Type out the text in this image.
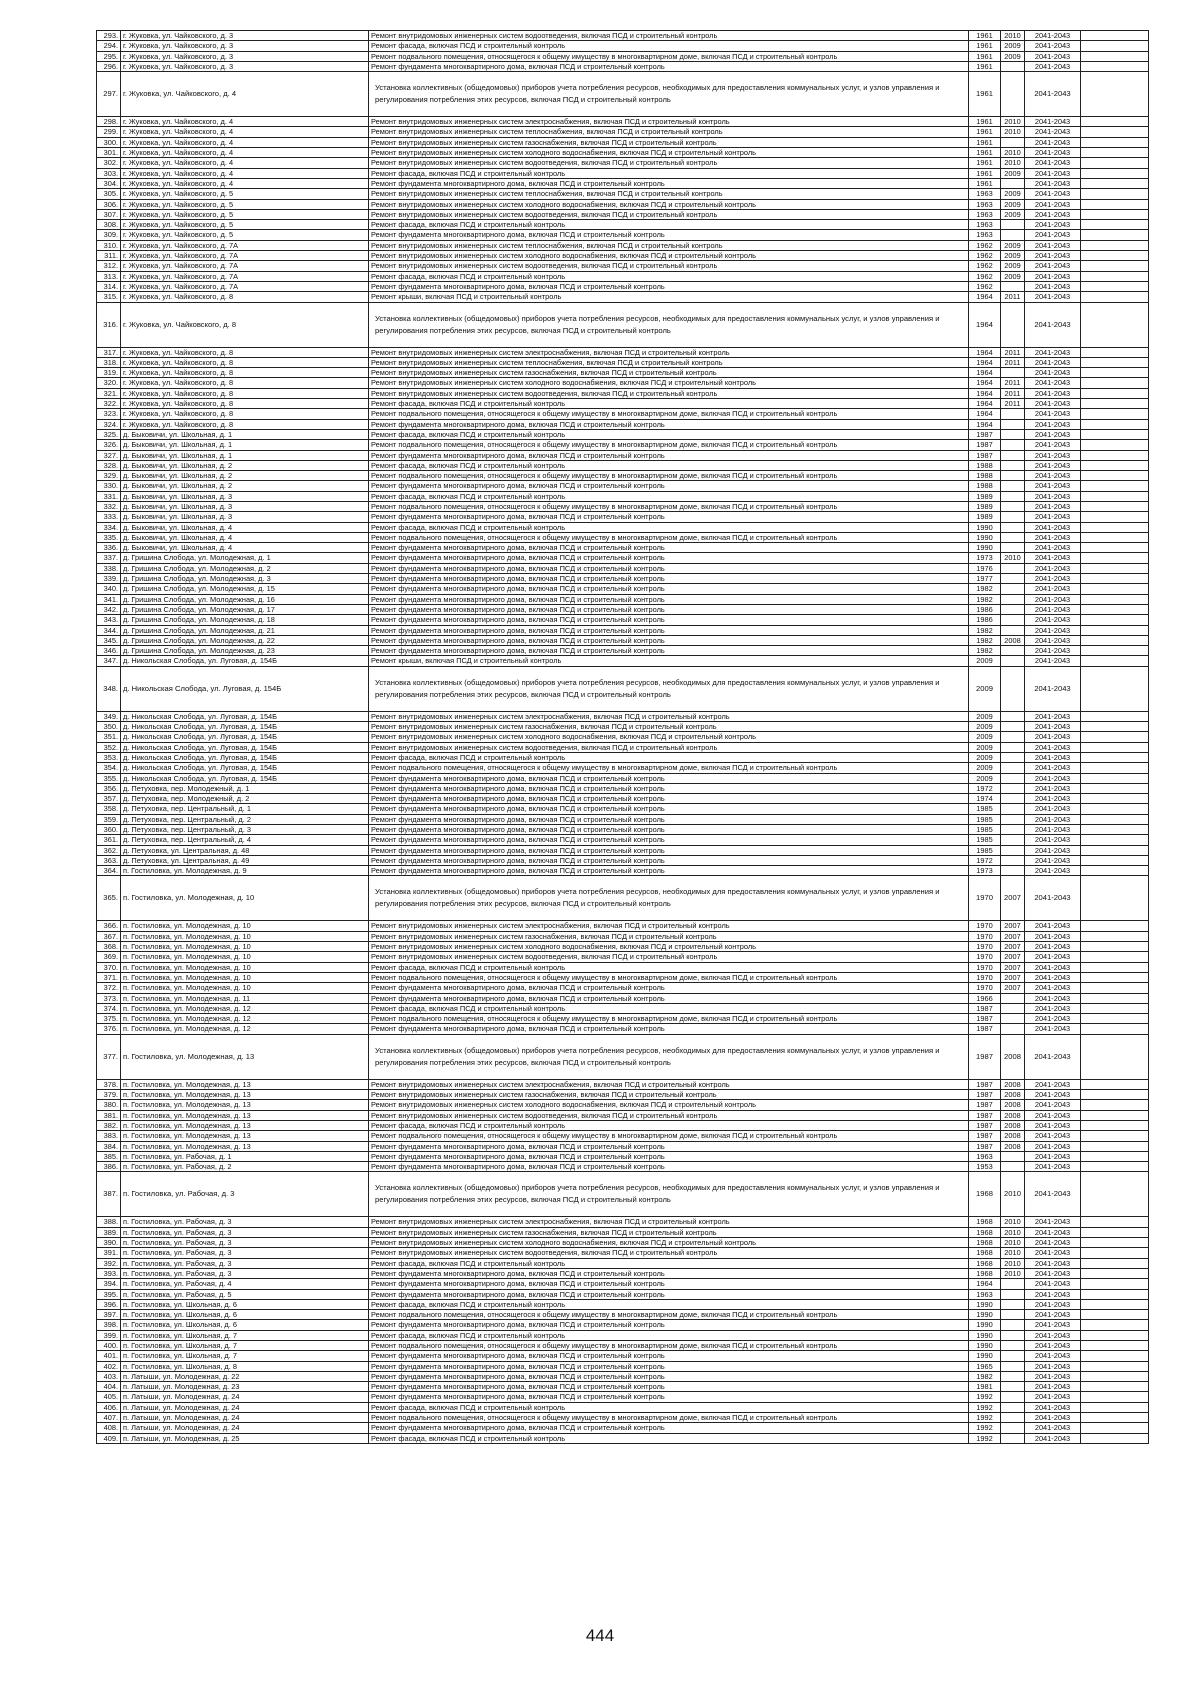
293.	г. Жуковка, ул. Чайковского, д. 3	Ремонт внутридомовых инженерных систем водоотведения, включая ПСД и строительный контроль	1961	2010	2041-2043	
294.	г. Жуковка, ул. Чайковского, д. 3	Ремонт фасада, включая ПСД и строительный контроль	1961	2009	2041-2043	
295.	г. Жуковка, ул. Чайковского, д. 3	Ремонт подвального помещения, относящегося к общему имуществу в многоквартирном доме, включая ПСД и строительный контроль	1961	2009	2041-2043	
296.	г. Жуковка, ул. Чайковского, д. 3	Ремонт фундамента многоквартирного дома, включая ПСД и строительный контроль	1961		2041-2043	
297.	г. Жуковка, ул. Чайковского, д. 4	Установка коллективных (общедомовых) приборов учета потребления ресурсов, необходимых для предоставления коммунальных услуг, и узлов управления и регулирования потребления этих ресурсов, включая ПСД и строительный контроль	1961		2041-2043	
298.	г. Жуковка, ул. Чайковского, д. 4	Ремонт внутридомовых инженерных систем электроснабжения, включая ПСД и строительный контроль	1961	2010	2041-2043	
299.	г. Жуковка, ул. Чайковского, д. 4	Ремонт внутридомовых инженерных систем теплоснабжения, включая ПСД и строительный контроль	1961	2010	2041-2043	
300.	г. Жуковка, ул. Чайковского, д. 4	Ремонт внутридомовых инженерных систем газоснабжения, включая ПСД и строительный контроль	1961		2041-2043	
301.	г. Жуковка, ул. Чайковского, д. 4	Ремонт внутридомовых инженерных систем холодного водоснабжения, включая ПСД и строительный контроль	1961	2010	2041-2043	
302.	г. Жуковка, ул. Чайковского, д. 4	Ремонт внутридомовых инженерных систем водоотведения, включая ПСД и строительный контроль	1961	2010	2041-2043	
303.	г. Жуковка, ул. Чайковского, д. 4	Ремонт фасада, включая ПСД и строительный контроль	1961	2009	2041-2043	
304.	г. Жуковка, ул. Чайковского, д. 4	Ремонт фундамента многоквартирного дома, включая ПСД и строительный контроль	1961		2041-2043	
305.	г. Жуковка, ул. Чайковского, д. 5	Ремонт внутридомовых инженерных систем теплоснабжения, включая ПСД и строительный контроль	1963	2009	2041-2043	
306.	г. Жуковка, ул. Чайковского, д. 5	Ремонт внутридомовых инженерных систем холодного водоснабжения, включая ПСД и строительный контроль	1963	2009	2041-2043	
307.	г. Жуковка, ул. Чайковского, д. 5	Ремонт внутридомовых инженерных систем водоотведения, включая ПСД и строительный контроль	1963	2009	2041-2043	
308.	г. Жуковка, ул. Чайковского, д. 5	Ремонт фасада, включая ПСД и строительный контроль	1963		2041-2043	
309.	г. Жуковка, ул. Чайковского, д. 5	Ремонт фундамента многоквартирного дома, включая ПСД и строительный контроль	1963		2041-2043	
310.	г. Жуковка, ул. Чайковского, д. 7А	Ремонт внутридомовых инженерных систем теплоснабжения, включая ПСД и строительный контроль	1962	2009	2041-2043	
311.	г. Жуковка, ул. Чайковского, д. 7А	Ремонт внутридомовых инженерных систем холодного водоснабжения, включая ПСД и строительный контроль	1962	2009	2041-2043	
312.	г. Жуковка, ул. Чайковского, д. 7А	Ремонт внутридомовых инженерных систем водоотведения, включая ПСД и строительный контроль	1962	2009	2041-2043	
313.	г. Жуковка, ул. Чайковского, д. 7А	Ремонт фасада, включая ПСД и строительный контроль	1962	2009	2041-2043	
314.	г. Жуковка, ул. Чайковского, д. 7А	Ремонт фундамента многоквартирного дома, включая ПСД и строительный контроль	1962		2041-2043	
315.	г. Жуковка, ул. Чайковского, д. 8	Ремонт крыши, включая ПСД и строительный контроль	1964	2011	2041-2043	
316.	г. Жуковка, ул. Чайковского, д. 8	Установка коллективных (общедомовых) приборов учета потребления ресурсов, необходимых для предоставления коммунальных услуг, и узлов управления и регулирования потребления этих ресурсов, включая ПСД и строительный контроль	1964		2041-2043	
317.	г. Жуковка, ул. Чайковского, д. 8	Ремонт внутридомовых инженерных систем электроснабжения, включая ПСД и строительный контроль	1964	2011	2041-2043	
318.	г. Жуковка, ул. Чайковского, д. 8	Ремонт внутридомовых инженерных систем теплоснабжения, включая ПСД и строительный контроль	1964	2011	2041-2043	
319.	г. Жуковка, ул. Чайковского, д. 8	Ремонт внутридомовых инженерных систем газоснабжения, включая ПСД и строительный контроль	1964		2041-2043	
320.	г. Жуковка, ул. Чайковского, д. 8	Ремонт внутридомовых инженерных систем холодного водоснабжения, включая ПСД и строительный контроль	1964	2011	2041-2043	
321.	г. Жуковка, ул. Чайковского, д. 8	Ремонт внутридомовых инженерных систем водоотведения, включая ПСД и строительный контроль	1964	2011	2041-2043	
322.	г. Жуковка, ул. Чайковского, д. 8	Ремонт фасада, включая ПСД и строительный контроль	1964	2011	2041-2043	
323.	г. Жуковка, ул. Чайковского, д. 8	Ремонт подвального помещения, относящегося к общему имуществу в многоквартирном доме, включая ПСД и строительный контроль	1964		2041-2043	
324.	г. Жуковка, ул. Чайковского, д. 8	Ремонт фундамента многоквартирного дома, включая ПСД и строительный контроль	1964		2041-2043	
325.	д. Быковичи, ул. Школьная, д. 1	Ремонт фасада, включая ПСД и строительный контроль	1987		2041-2043	
326.	д. Быковичи, ул. Школьная, д. 1	Ремонт подвального помещения, относящегося к общему имуществу в многоквартирном доме, включая ПСД и строительный контроль	1987		2041-2043	
327.	д. Быковичи, ул. Школьная, д. 1	Ремонт фундамента многоквартирного дома, включая ПСД и строительный контроль	1987		2041-2043	
328.	д. Быковичи, ул. Школьная, д. 2	Ремонт фасада, включая ПСД и строительный контроль	1988		2041-2043	
329.	д. Быковичи, ул. Школьная, д. 2	Ремонт подвального помещения, относящегося к общему имуществу в многоквартирном доме, включая ПСД и строительный контроль	1988		2041-2043	
330.	д. Быковичи, ул. Школьная, д. 2	Ремонт фундамента многоквартирного дома, включая ПСД и строительный контроль	1988		2041-2043	
331.	д. Быковичи, ул. Школьная, д. 3	Ремонт фасада, включая ПСД и строительный контроль	1989		2041-2043	
332.	д. Быковичи, ул. Школьная, д. 3	Ремонт подвального помещения, относящегося к общему имуществу в многоквартирном доме, включая ПСД и строительный контроль	1989		2041-2043	
333.	д. Быковичи, ул. Школьная, д. 3	Ремонт фундамента многоквартирного дома, включая ПСД и строительный контроль	1989		2041-2043	
334.	д. Быковичи, ул. Школьная, д. 4	Ремонт фасада, включая ПСД и строительный контроль	1990		2041-2043	
335.	д. Быковичи, ул. Школьная, д. 4	Ремонт подвального помещения, относящегося к общему имуществу в многоквартирном доме, включая ПСД и строительный контроль	1990		2041-2043	
336.	д. Быковичи, ул. Школьная, д. 4	Ремонт фундамента многоквартирного дома, включая ПСД и строительный контроль	1990		2041-2043	
337.	д. Гришина Слобода, ул. Молодежная, д. 1	Ремонт фундамента многоквартирного дома, включая ПСД и строительный контроль	1973	2010	2041-2043	
338.	д. Гришина Слобода, ул. Молодежная, д. 2	Ремонт фундамента многоквартирного дома, включая ПСД и строительный контроль	1976		2041-2043	
339.	д. Гришина Слобода, ул. Молодежная, д. 3	Ремонт фундамента многоквартирного дома, включая ПСД и строительный контроль	1977		2041-2043	
340.	д. Гришина Слобода, ул. Молодежная, д. 15	Ремонт фундамента многоквартирного дома, включая ПСД и строительный контроль	1982		2041-2043	
341.	д. Гришина Слобода, ул. Молодежная, д. 16	Ремонт фундамента многоквартирного дома, включая ПСД и строительный контроль	1982		2041-2043	
342.	д. Гришина Слобода, ул. Молодежная, д. 17	Ремонт фундамента многоквартирного дома, включая ПСД и строительный контроль	1986		2041-2043	
343.	д. Гришина Слобода, ул. Молодежная, д. 18	Ремонт фундамента многоквартирного дома, включая ПСД и строительный контроль	1986		2041-2043	
344.	д. Гришина Слобода, ул. Молодежная, д. 21	Ремонт фундамента многоквартирного дома, включая ПСД и строительный контроль	1982		2041-2043	
345.	д. Гришина Слобода, ул. Молодежная, д. 22	Ремонт фундамента многоквартирного дома, включая ПСД и строительный контроль	1982	2008	2041-2043	
346.	д. Гришина Слобода, ул. Молодежная, д. 23	Ремонт фундамента многоквартирного дома, включая ПСД и строительный контроль	1982		2041-2043	
347.	д. Никольская Слобода, ул. Луговая, д. 154Б	Ремонт крыши, включая ПСД и строительный контроль	2009		2041-2043	
348.	д. Никольская Слобода, ул. Луговая, д. 154Б	Установка коллективных (общедомовых) приборов учета потребления ресурсов, необходимых для предоставления коммунальных услуг, и узлов управления и регулирования потребления этих ресурсов, включая ПСД и строительный контроль	2009		2041-2043	
349.	д. Никольская Слобода, ул. Луговая, д. 154Б	Ремонт внутридомовых инженерных систем электроснабжения, включая ПСД и строительный контроль	2009		2041-2043	
350.	д. Никольская Слобода, ул. Луговая, д. 154Б	Ремонт внутридомовых инженерных систем газоснабжения, включая ПСД и строительный контроль	2009		2041-2043	
351.	д. Никольская Слобода, ул. Луговая, д. 154Б	Ремонт внутридомовых инженерных систем холодного водоснабжения, включая ПСД и строительный контроль	2009		2041-2043	
352.	д. Никольская Слобода, ул. Луговая, д. 154Б	Ремонт внутридомовых инженерных систем водоотведения, включая ПСД и строительный контроль	2009		2041-2043	
353.	д. Никольская Слобода, ул. Луговая, д. 154Б	Ремонт фасада, включая ПСД и строительный контроль	2009		2041-2043	
354.	д. Никольская Слобода, ул. Луговая, д. 154Б	Ремонт подвального помещения, относящегося к общему имуществу в многоквартирном доме, включая ПСД и строительный контроль	2009		2041-2043	
355.	д. Никольская Слобода, ул. Луговая, д. 154Б	Ремонт фундамента многоквартирного дома, включая ПСД и строительный контроль	2009		2041-2043	
356.	д. Петуховка, пер. Молодежный, д. 1	Ремонт фундамента многоквартирного дома, включая ПСД и строительный контроль	1972		2041-2043	
357.	д. Петуховка, пер. Молодежный, д. 2	Ремонт фундамента многоквартирного дома, включая ПСД и строительный контроль	1974		2041-2043	
358.	д. Петуховка, пер. Центральный, д. 1	Ремонт фундамента многоквартирного дома, включая ПСД и строительный контроль	1985		2041-2043	
359.	д. Петуховка, пер. Центральный, д. 2	Ремонт фундамента многоквартирного дома, включая ПСД и строительный контроль	1985		2041-2043	
360.	д. Петуховка, пер. Центральный, д. 3	Ремонт фундамента многоквартирного дома, включая ПСД и строительный контроль	1985		2041-2043	
361.	д. Петуховка, пер. Центральный, д. 4	Ремонт фундамента многоквартирного дома, включая ПСД и строительный контроль	1985		2041-2043	
362.	д. Петуховка, ул. Центральная, д. 48	Ремонт фундамента многоквартирного дома, включая ПСД и строительный контроль	1985		2041-2043	
363.	д. Петуховка, ул. Центральная, д. 49	Ремонт фундамента многоквартирного дома, включая ПСД и строительный контроль	1972		2041-2043	
364.	п. Гостиловка, ул. Молодежная, д. 9	Ремонт фундамента многоквартирного дома, включая ПСД и строительный контроль	1973		2041-2043	
365.	п. Гостиловка, ул. Молодежная, д. 10	Установка коллективных (общедомовых) приборов учета потребления ресурсов, необходимых для предоставления коммунальных услуг, и узлов управления и регулирования потребления этих ресурсов, включая ПСД и строительный контроль	1970	2007	2041-2043	
366.	п. Гостиловка, ул. Молодежная, д. 10	Ремонт внутридомовых инженерных систем электроснабжения, включая ПСД и строительный контроль	1970	2007	2041-2043	
367.	п. Гостиловка, ул. Молодежная, д. 10	Ремонт внутридомовых инженерных систем газоснабжения, включая ПСД и строительный контроль	1970	2007	2041-2043	
368.	п. Гостиловка, ул. Молодежная, д. 10	Ремонт внутридомовых инженерных систем холодного водоснабжения, включая ПСД и строительный контроль	1970	2007	2041-2043	
369.	п. Гостиловка, ул. Молодежная, д. 10	Ремонт внутридомовых инженерных систем водоотведения, включая ПСД и строительный контроль	1970	2007	2041-2043	
370.	п. Гостиловка, ул. Молодежная, д. 10	Ремонт фасада, включая ПСД и строительный контроль	1970	2007	2041-2043	
371.	п. Гостиловка, ул. Молодежная, д. 10	Ремонт подвального помещения, относящегося к общему имуществу в многоквартирном доме, включая ПСД и строительный контроль	1970	2007	2041-2043	
372.	п. Гостиловка, ул. Молодежная, д. 10	Ремонт фундамента многоквартирного дома, включая ПСД и строительный контроль	1970	2007	2041-2043	
373.	п. Гостиловка, ул. Молодежная, д. 11	Ремонт фундамента многоквартирного дома, включая ПСД и строительный контроль	1966		2041-2043	
374.	п. Гостиловка, ул. Молодежная, д. 12	Ремонт фасада, включая ПСД и строительный контроль	1987		2041-2043	
375.	п. Гостиловка, ул. Молодежная, д. 12	Ремонт подвального помещения, относящегося к общему имуществу в многоквартирном доме, включая ПСД и строительный контроль	1987		2041-2043	
376.	п. Гостиловка, ул. Молодежная, д. 12	Ремонт фундамента многоквартирного дома, включая ПСД и строительный контроль	1987		2041-2043	
377.	п. Гостиловка, ул. Молодежная, д. 13	Установка коллективных (общедомовых) приборов учета потребления ресурсов, необходимых для предоставления коммунальных услуг, и узлов управления и регулирования потребления этих ресурсов, включая ПСД и строительный контроль	1987	2008	2041-2043	
378.	п. Гостиловка, ул. Молодежная, д. 13	Ремонт внутридомовых инженерных систем электроснабжения, включая ПСД и строительный контроль	1987	2008	2041-2043	
379.	п. Гостиловка, ул. Молодежная, д. 13	Ремонт внутридомовых инженерных систем газоснабжения, включая ПСД и строительный контроль	1987	2008	2041-2043	
380.	п. Гостиловка, ул. Молодежная, д. 13	Ремонт внутридомовых инженерных систем холодного водоснабжения, включая ПСД и строительный контроль	1987	2008	2041-2043	
381.	п. Гостиловка, ул. Молодежная, д. 13	Ремонт внутридомовых инженерных систем водоотведения, включая ПСД и строительный контроль	1987	2008	2041-2043	
382.	п. Гостиловка, ул. Молодежная, д. 13	Ремонт фасада, включая ПСД и строительный контроль	1987	2008	2041-2043	
383.	п. Гостиловка, ул. Молодежная, д. 13	Ремонт подвального помещения, относящегося к общему имуществу в многоквартирном доме, включая ПСД и строительный контроль	1987	2008	2041-2043	
384.	п. Гостиловка, ул. Молодежная, д. 13	Ремонт фундамента многоквартирного дома, включая ПСД и строительный контроль	1987	2008	2041-2043	
385.	п. Гостиловка, ул. Рабочая, д. 1	Ремонт фундамента многоквартирного дома, включая ПСД и строительный контроль	1963		2041-2043	
386.	п. Гостиловка, ул. Рабочая, д. 2	Ремонт фундамента многоквартирного дома, включая ПСД и строительный контроль	1953		2041-2043	
387.	п. Гостиловка, ул. Рабочая, д. 3	Установка коллективных (общедомовых) приборов учета потребления ресурсов, необходимых для предоставления коммунальных услуг, и узлов управления и регулирования потребления этих ресурсов, включая ПСД и строительный контроль	1968	2010	2041-2043	
388.	п. Гостиловка, ул. Рабочая, д. 3	Ремонт внутридомовых инженерных систем электроснабжения, включая ПСД и строительный контроль	1968	2010	2041-2043	
389.	п. Гостиловка, ул. Рабочая, д. 3	Ремонт внутридомовых инженерных систем газоснабжения, включая ПСД и строительный контроль	1968	2010	2041-2043	
390.	п. Гостиловка, ул. Рабочая, д. 3	Ремонт внутридомовых инженерных систем холодного водоснабжения, включая ПСД и строительный контроль	1968	2010	2041-2043	
391.	п. Гостиловка, ул. Рабочая, д. 3	Ремонт внутридомовых инженерных систем водоотведения, включая ПСД и строительный контроль	1968	2010	2041-2043	
392.	п. Гостиловка, ул. Рабочая, д. 3	Ремонт фасада, включая ПСД и строительный контроль	1968	2010	2041-2043	
393.	п. Гостиловка, ул. Рабочая, д. 3	Ремонт фундамента многоквартирного дома, включая ПСД и строительный контроль	1968	2010	2041-2043	
394.	п. Гостиловка, ул. Рабочая, д. 4	Ремонт фундамента многоквартирного дома, включая ПСД и строительный контроль	1964		2041-2043	
395.	п. Гостиловка, ул. Рабочая, д. 5	Ремонт фундамента многоквартирного дома, включая ПСД и строительный контроль	1963		2041-2043	
396.	п. Гостиловка, ул. Школьная, д. 6	Ремонт фасада, включая ПСД и строительный контроль	1990		2041-2043	
397.	п. Гостиловка, ул. Школьная, д. 6	Ремонт подвального помещения, относящегося к общему имуществу в многоквартирном доме, включая ПСД и строительный контроль	1990		2041-2043	
398.	п. Гостиловка, ул. Школьная, д. 6	Ремонт фундамента многоквартирного дома, включая ПСД и строительный контроль	1990		2041-2043	
399.	п. Гостиловка, ул. Школьная, д. 7	Ремонт фасада, включая ПСД и строительный контроль	1990		2041-2043	
400.	п. Гостиловка, ул. Школьная, д. 7	Ремонт подвального помещения, относящегося к общему имуществу в многоквартирном доме, включая ПСД и строительный контроль	1990		2041-2043	
401.	п. Гостиловка, ул. Школьная, д. 7	Ремонт фундамента многоквартирного дома, включая ПСД и строительный контроль	1990		2041-2043	
402.	п. Гостиловка, ул. Школьная, д. 8	Ремонт фундамента многоквартирного дома, включая ПСД и строительный контроль	1965		2041-2043	
403.	п. Латыши, ул. Молодежная, д. 22	Ремонт фундамента многоквартирного дома, включая ПСД и строительный контроль	1982		2041-2043	
404.	п. Латыши, ул. Молодежная, д. 23	Ремонт фундамента многоквартирного дома, включая ПСД и строительный контроль	1981		2041-2043	
405.	п. Латыши, ул. Молодежная, д. 24	Ремонт фундамента многоквартирного дома, включая ПСД и строительный контроль	1992		2041-2043	
406.	п. Латыши, ул. Молодежная, д. 24	Ремонт фасада, включая ПСД и строительный контроль	1992		2041-2043	
407.	п. Латыши, ул. Молодежная, д. 24	Ремонт подвального помещения, относящегося к общему имуществу в многоквартирном доме, включая ПСД и строительный контроль	1992		2041-2043	
408.	п. Латыши, ул. Молодежная, д. 24	Ремонт фундамента многоквартирного дома, включая ПСД и строительный контроль	1992		2041-2043	
409.	п. Латыши, ул. Молодежная, д. 25	Ремонт фасада, включая ПСД и строительный контроль	1992		2041-2043	
444
